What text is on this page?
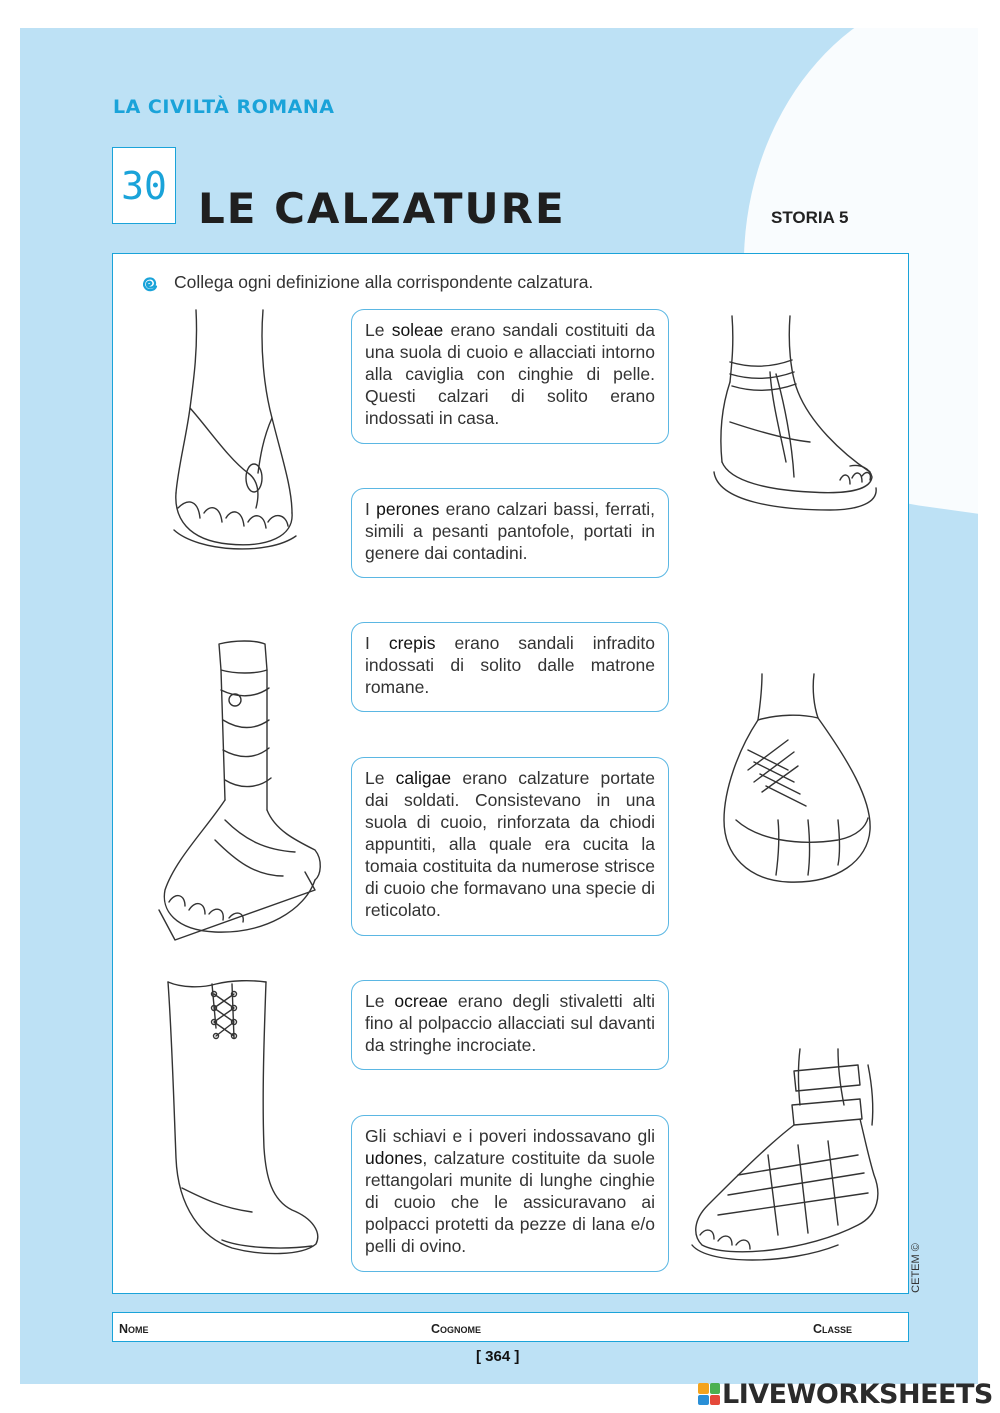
LA CIVILTÀ ROMANA
30 LE CALZATURE	STORIA 5
Collega ogni definizione alla corrispondente calzatura.
Le soleae erano sandali costituiti da una suola di cuoio e allacciati intorno alla caviglia con cinghie di pelle. Questi calzari di solito erano indossati in casa.
I perones erano calzari bassi, ferrati, simili a pesanti pantofole, portati in genere dai contadini.
I crepis erano sandali infradito indossati di solito dalle matrone romane.
Le caligae erano calzature portate dai soldati. Consistevano in una suola di cuoio, rinforzata da chiodi appuntiti, alla quale era cucita la tomaia costituita da numerose strisce di cuoio che formavano una specie di reticolato.
Le ocreae erano degli stivaletti alti fino al polpaccio allacciati sul davanti da stringhe incrociate.
Gli schiavi e i poveri indossavano gli udones, calzature costituite da suole rettangolari munite di lunghe cinghie di cuoio che le assicuravano ai polpacci protetti da pezze di lana e/o pelli di ovino.	CETEM ©
Nome	Cognome	Classe
[ 364 ]
LIVEWORKSHEETS
